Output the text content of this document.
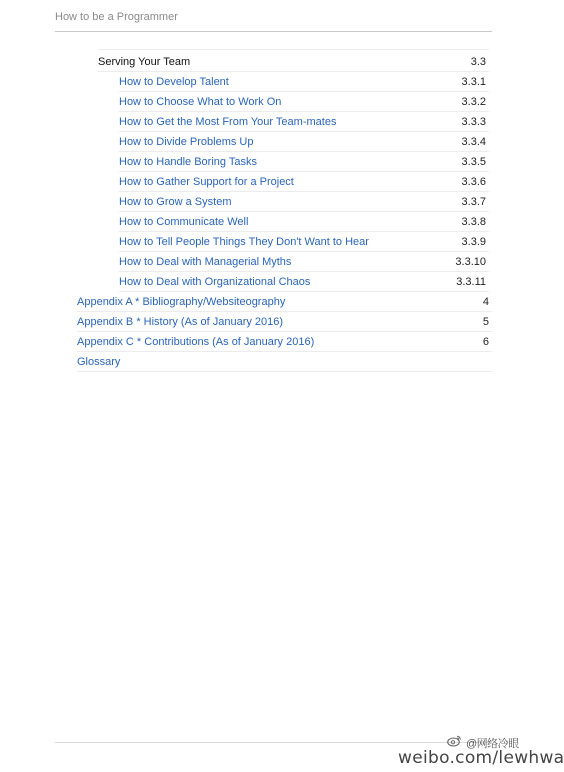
How to be a Programmer
Serving Your Team	3.3
How to Develop Talent	3.3.1
How to Choose What to Work On	3.3.2
How to Get the Most From Your Team-mates	3.3.3
How to Divide Problems Up	3.3.4
How to Handle Boring Tasks	3.3.5
How to Gather Support for a Project	3.3.6
How to Grow a System	3.3.7
How to Communicate Well	3.3.8
How to Tell People Things They Don't Want to Hear	3.3.9
How to Deal with Managerial Myths	3.3.10
How to Deal with Organizational Chaos	3.3.11
Appendix A * Bibliography/Websiteography	4
Appendix B * History (As of January 2016)	5
Appendix C * Contributions (As of January 2016)	6
Glossary
@网络冷眼
weibo.com/lewhwa
